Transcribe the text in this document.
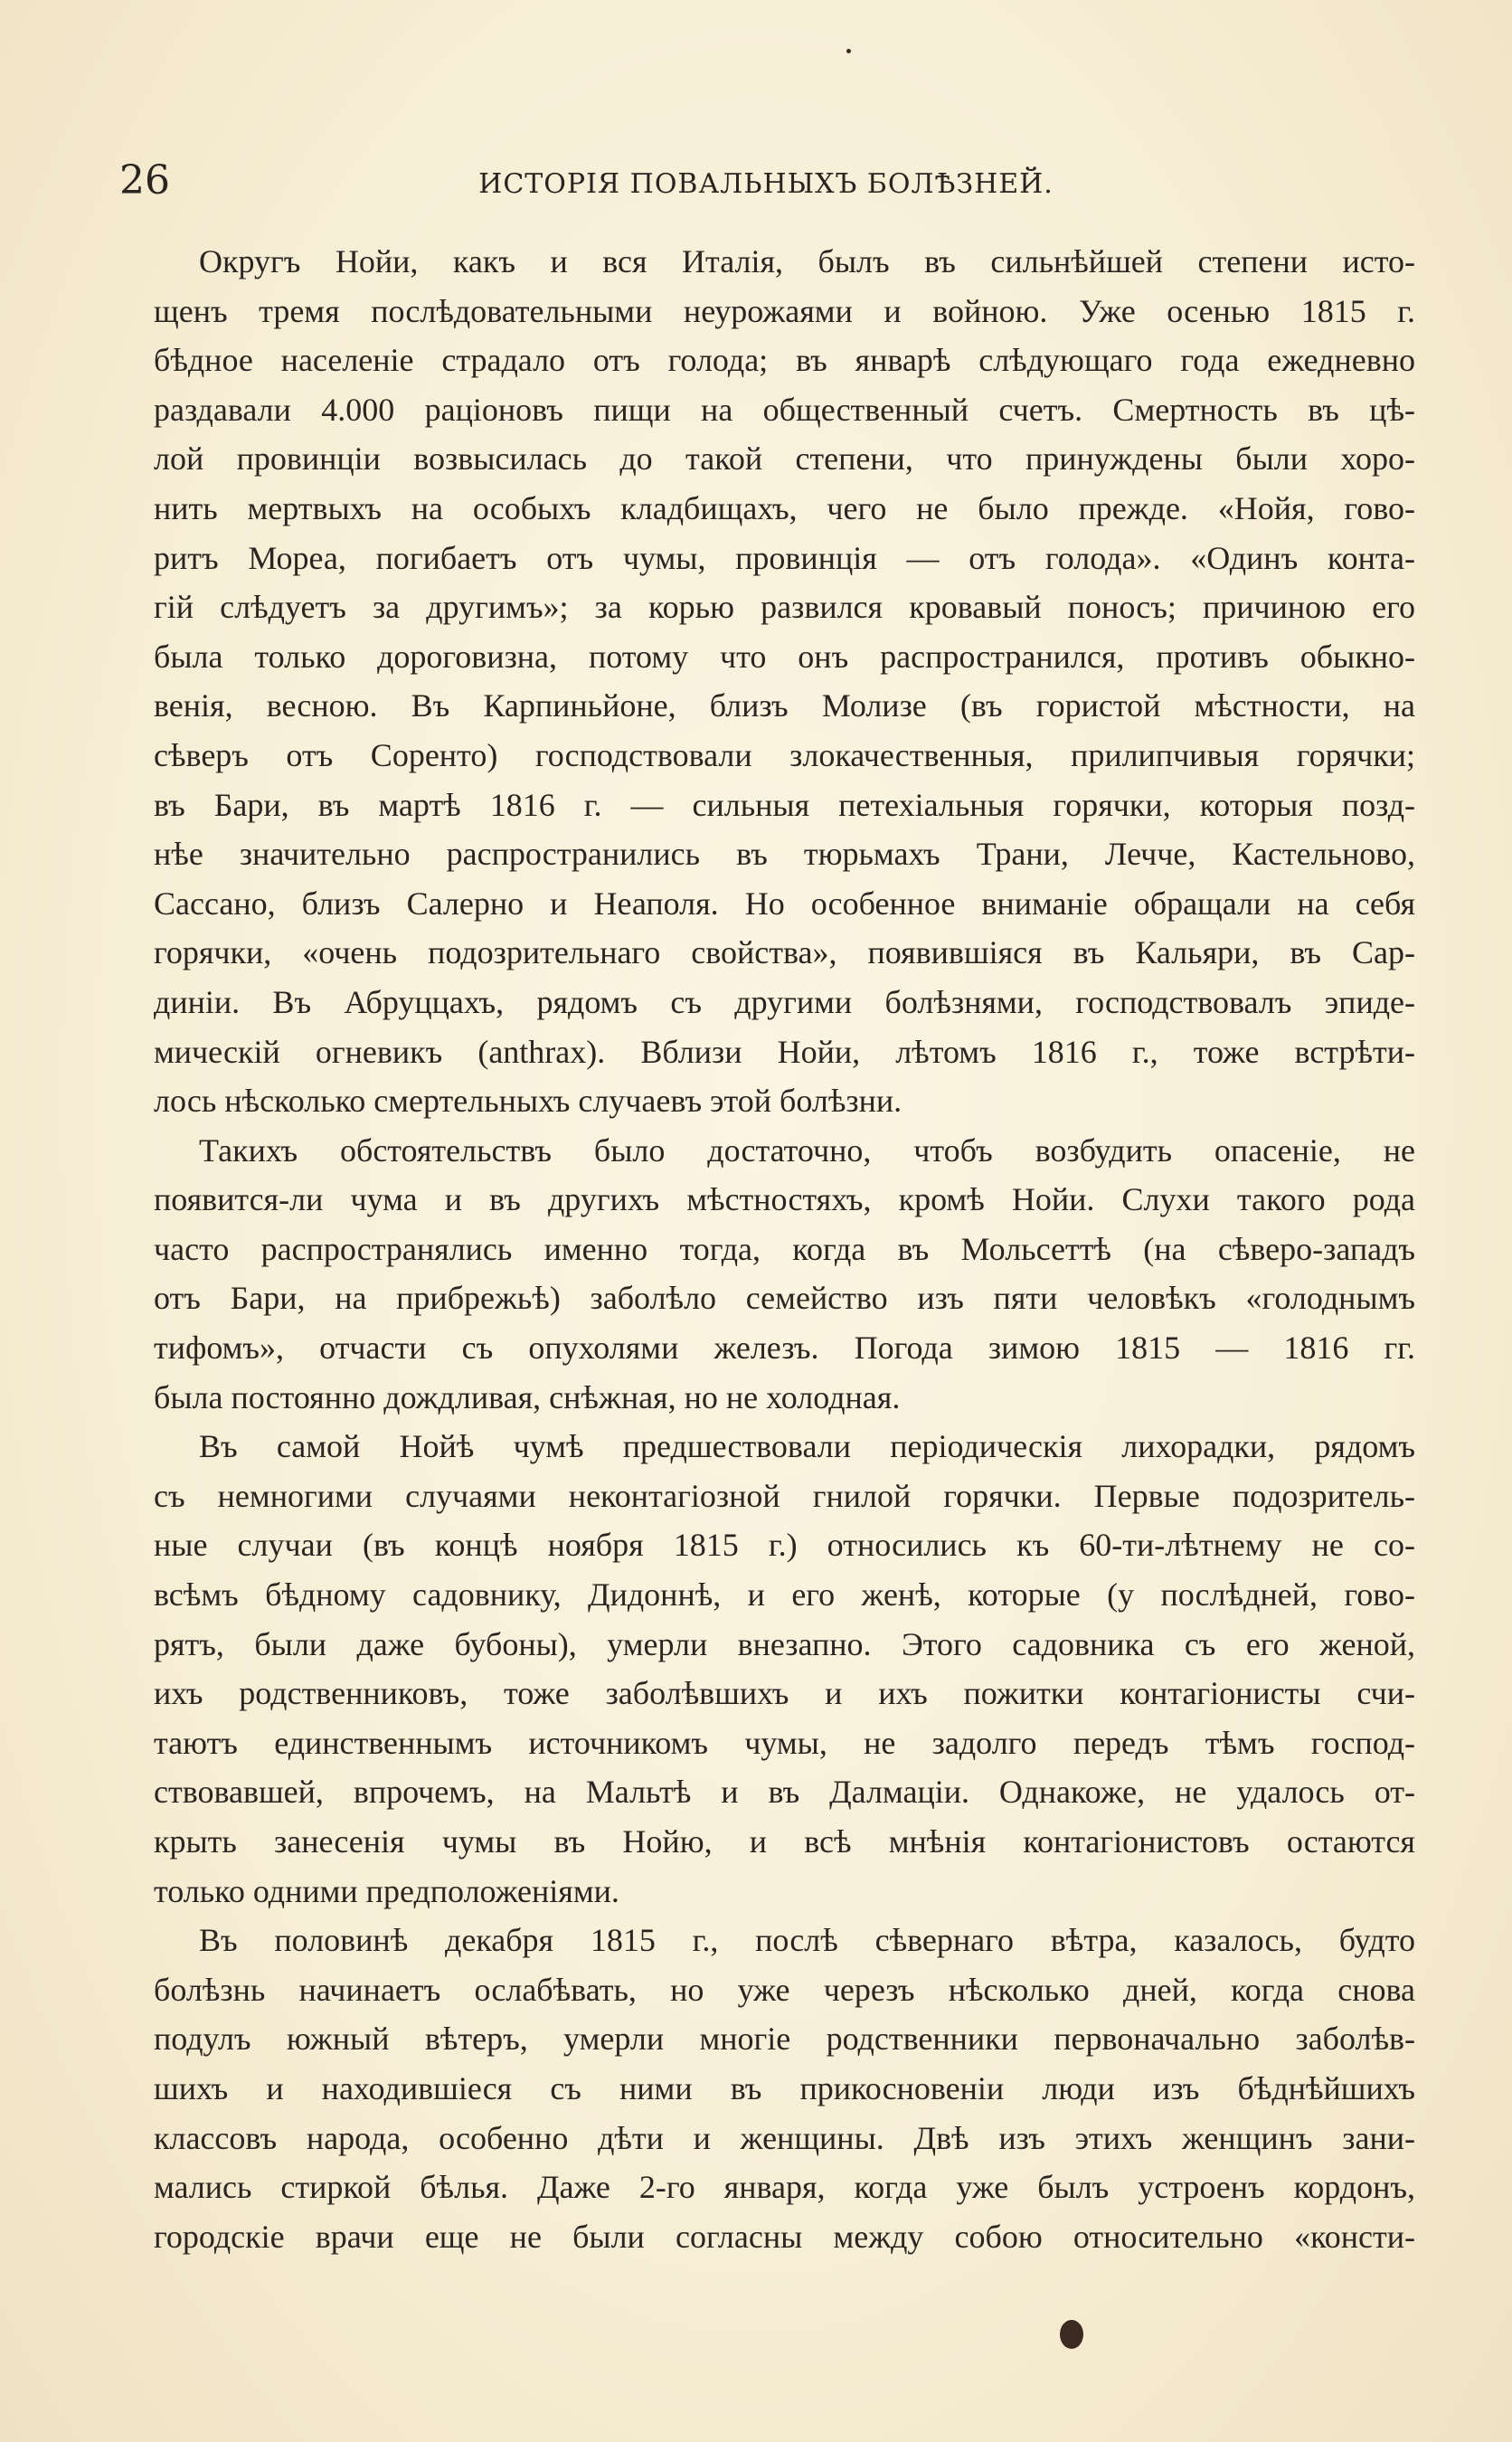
26	ИСТОРІЯ ПОВАЛЬНЫХЪ БОЛѢЗНЕЙ.
Округъ Нойи, какъ и вся Италія, былъ въ сильнѣйшей степени исто-
щенъ тремя послѣдовательными неурожаями и войною. Уже осенью 1815 г.
бѣдное населеніе страдало отъ голода; въ январѣ слѣдующаго года ежедневно
раздавали 4.000 раціоновъ пищи на общественный счетъ. Смертность въ цѣ-
лой провинціи возвысилась до такой степени, что принуждены были хоро-
нить мертвыхъ на особыхъ кладбищахъ, чего не было прежде. «Нойя, гово-
ритъ Мореа, погибаетъ отъ чумы, провинція — отъ голода». «Одинъ конта-
гій слѣдуетъ за другимъ»; за корью развился кровавый поносъ; причиною его
была только дороговизна, потому что онъ распространился, противъ обыкно-
венія, весною. Въ Карпиньйоне, близъ Молизе (въ гористой мѣстности, на
сѣверъ отъ Соренто) господствовали злокачественныя, прилипчивыя горячки;
въ Бари, въ мартѣ 1816 г. — сильныя петехіальныя горячки, которыя позд-
нѣе значительно распространились въ тюрьмахъ Трани, Лечче, Кастельново,
Сассано, близъ Салерно и Неаполя. Но особенное вниманіе обращали на себя
горячки, «очень подозрительнаго свойства», появившіяся въ Кальяри, въ Сар-
диніи. Въ Абруццахъ, рядомъ съ другими болѣзнями, господствовалъ эпиде-
мическій огневикъ (anthrax). Вблизи Нойи, лѣтомъ 1816 г., тоже встрѣти-
лось нѣсколько смертельныхъ случаевъ этой болѣзни.
Такихъ обстоятельствъ было достаточно, чтобъ возбудить опасеніе, не
появится-ли чума и въ другихъ мѣстностяхъ, кромѣ Нойи. Слухи такого рода
часто распространялись именно тогда, когда въ Мольсеттѣ (на сѣверо-западъ
отъ Бари, на прибрежьѣ) заболѣло семейство изъ пяти человѣкъ «голоднымъ
тифомъ», отчасти съ опухолями железъ. Погода зимою 1815 — 1816 гг.
была постоянно дождливая, снѣжная, но не холодная.
Въ самой Нойѣ чумѣ предшествовали періодическія лихорадки, рядомъ
съ немногими случаями неконтагіозной гнилой горячки. Первые подозритель-
ные случаи (въ концѣ ноября 1815 г.) относились къ 60-ти-лѣтнему не со-
всѣмъ бѣдному садовнику, Дидоннѣ, и его женѣ, которые (у послѣдней, гово-
рятъ, были даже бубоны), умерли внезапно. Этого садовника съ его женой,
ихъ родственниковъ, тоже заболѣвшихъ и ихъ пожитки контагіонисты счи-
таютъ единственнымъ источникомъ чумы, не задолго передъ тѣмъ господ-
ствовавшей, впрочемъ, на Мальтѣ и въ Далмаціи. Однакоже, не удалось от-
крыть занесенія чумы въ Нойю, и всѣ мнѣнія контагіонистовъ остаются
только одними предположеніями.
Въ половинѣ декабря 1815 г., послѣ сѣвернаго вѣтра, казалось, будто
болѣзнь начинаетъ ослабѣвать, но уже черезъ нѣсколько дней, когда снова
подулъ южный вѣтеръ, умерли многіе родственники первоначально заболѣв-
шихъ и находившіеся съ ними въ прикосновеніи люди изъ бѣднѣйшихъ
классовъ народа, особенно дѣти и женщины. Двѣ изъ этихъ женщинъ зани-
мались стиркой бѣлья. Даже 2-го января, когда уже былъ устроенъ кордонъ,
городскіе врачи еще не были согласны между собою относительно «консти-
